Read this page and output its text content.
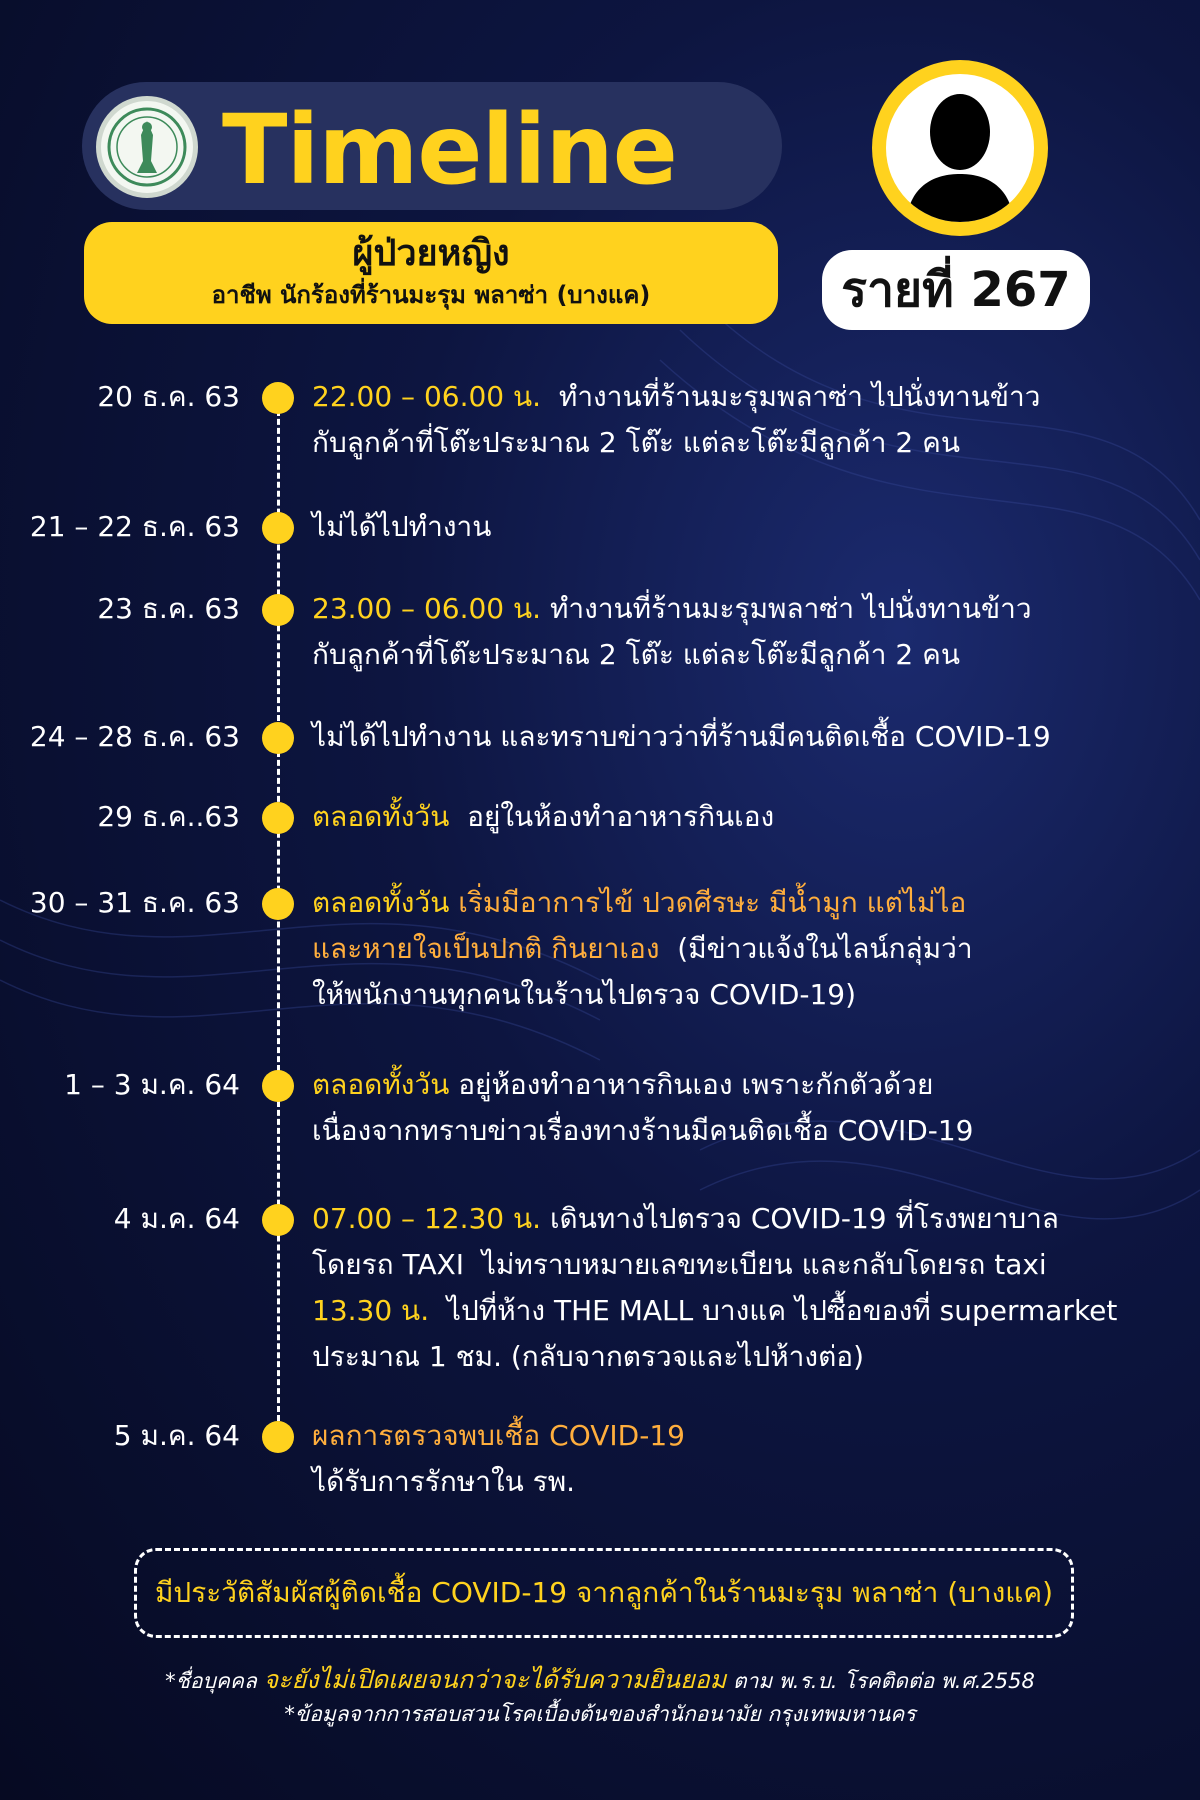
Timeline
ผู้ป่วยหญิง
อาชีพ นักร้องที่ร้านมะรุม พลาซ่า (บางแค)	รายที่ 267
20 ธ.ค. 63	22.00 – 06.00 น.  ทำงานที่ร้านมะรุมพลาซ่า ไปนั่งทานข้าว
กับลูกค้าที่โต๊ะประมาณ 2 โต๊ะ แต่ละโต๊ะมีลูกค้า 2 คน
21 – 22 ธ.ค. 63	ไม่ได้ไปทำงาน
23 ธ.ค. 63	23.00 – 06.00 น. ทำงานที่ร้านมะรุมพลาซ่า ไปนั่งทานข้าว
กับลูกค้าที่โต๊ะประมาณ 2 โต๊ะ แต่ละโต๊ะมีลูกค้า 2 คน
24 – 28 ธ.ค. 63	ไม่ได้ไปทำงาน และทราบข่าวว่าที่ร้านมีคนติดเชื้อ COVID-19
29 ธ.ค..63	ตลอดทั้งวัน  อยู่ในห้องทำอาหารกินเอง
30 – 31 ธ.ค. 63	ตลอดทั้งวัน เริ่มมีอาการไข้ ปวดศีรษะ มีน้ำมูก แต่ไม่ไอ
และหายใจเป็นปกติ กินยาเอง  (มีข่าวแจ้งในไลน์กลุ่มว่า
ให้พนักงานทุกคนในร้านไปตรวจ COVID-19)
1 – 3 ม.ค. 64	ตลอดทั้งวัน อยู่ห้องทำอาหารกินเอง เพราะกักตัวด้วย
เนื่องจากทราบข่าวเรื่องทางร้านมีคนติดเชื้อ COVID-19
4 ม.ค. 64	07.00 – 12.30 น. เดินทางไปตรวจ COVID-19 ที่โรงพยาบาล
โดยรถ TAXI  ไม่ทราบหมายเลขทะเบียน และกลับโดยรถ taxi
13.30 น.  ไปที่ห้าง THE MALL บางแค ไปซื้อของที่ supermarket
ประมาณ 1 ชม. (กลับจากตรวจและไปห้างต่อ)
5 ม.ค. 64	ผลการตรวจพบเชื้อ COVID-19
ได้รับการรักษาใน รพ.
มีประวัติสัมผัสผู้ติดเชื้อ COVID-19 จากลูกค้าในร้านมะรุม พลาซ่า (บางแค)
*ชื่อบุคคล จะยังไม่เปิดเผยจนกว่าจะได้รับความยินยอม ตาม พ.ร.บ. โรคติดต่อ พ.ศ.2558
*ข้อมูลจากการสอบสวนโรคเบื้องต้นของสำนักอนามัย กรุงเทพมหานคร
